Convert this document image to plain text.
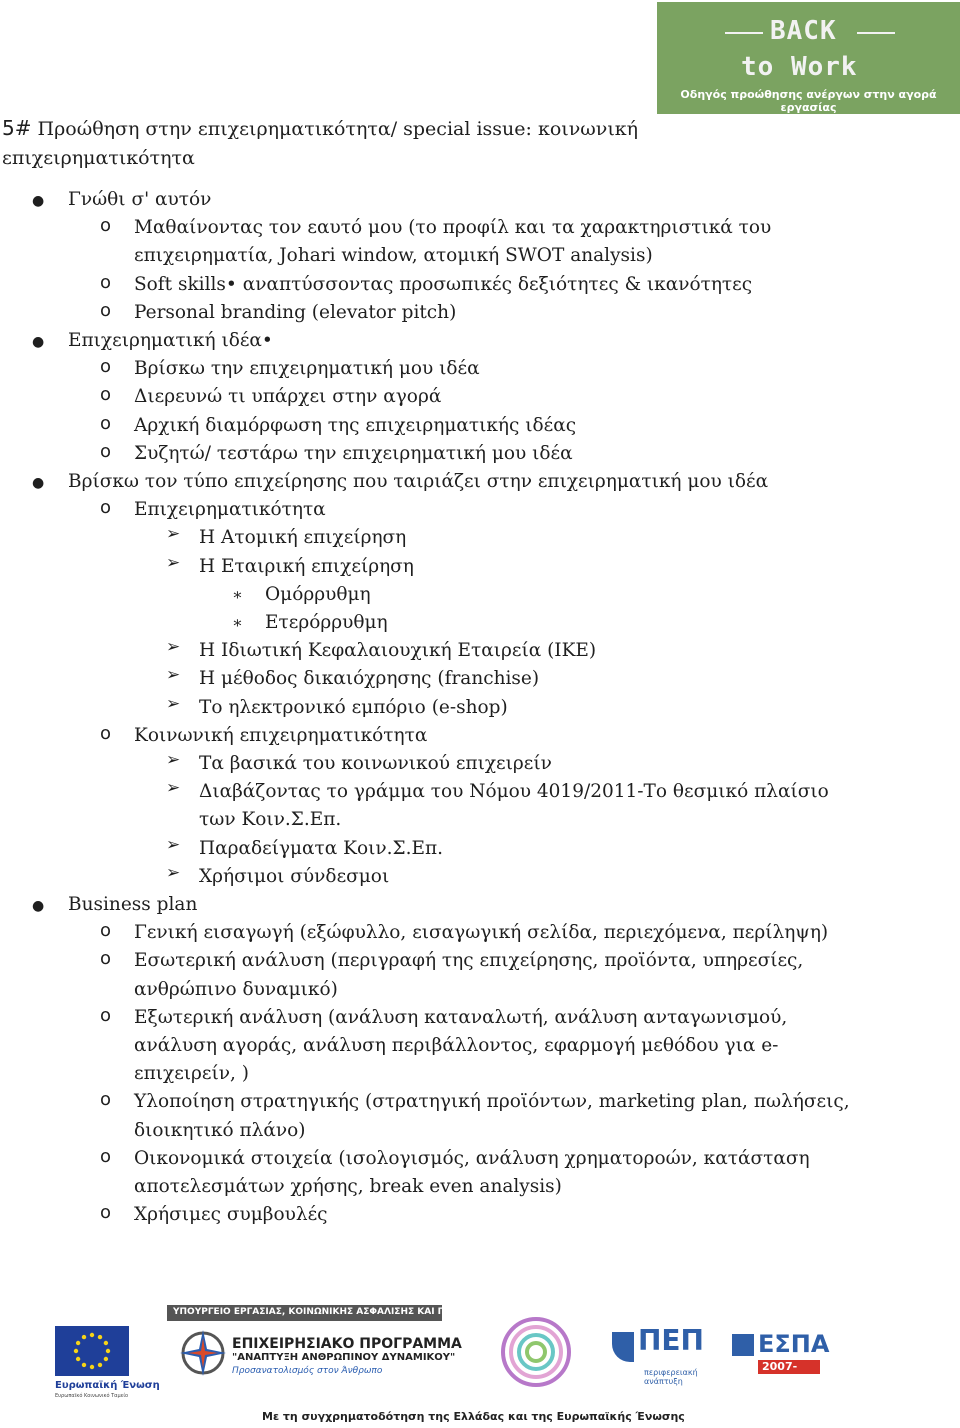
BACK
to Work
Οδηγός προώθησης ανέργων στην αγορά εργασίας
5# Προώθηση στην επιχειρηματικότητα/ special issue: κοινωνική επιχειρηματικότητα
● Γνώθι σ' αυτόν
o Μαθαίνοντας τον εαυτό μου (το προφίλ και τα χαρακτηριστικά του
επιχειρηματία, Johari window, ατομική SWOT analysis)
o Soft skills• αναπτύσσοντας προσωπικές δεξιότητες & ικανότητες
o Personal branding (elevator pitch)
● Επιχειρηματική ιδέα•
o Βρίσκω την επιχειρηματική μου ιδέα
o Διερευνώ τι υπάρχει στην αγορά
o Αρχική διαμόρφωση της επιχειρηματικής ιδέας
o Συζητώ/ τεστάρω την επιχειρηματική μου ιδέα
● Βρίσκω τον τύπο επιχείρησης που ταιριάζει στην επιχειρηματική μου ιδέα
o Επιχειρηματικότητα
➢ Η Ατομική επιχείρηση
➢ Η Εταιρική επιχείρηση
∗ Ομόρρυθμη
∗ Ετερόρρυθμη
➢ Η Ιδιωτική Κεφαλαιουχική Εταιρεία (ΙΚΕ)
➢ Η μέθοδος δικαιόχρησης (franchise)
➢ Το ηλεκτρονικό εμπόριο (e-shop)
o Κοινωνική επιχειρηματικότητα
➢ Τα βασικά του κοινωνικού επιχειρείν
➢ Διαβάζοντας το γράμμα του Νόμου 4019/2011-Το θεσμικό πλαίσιο
των Κοιν.Σ.Επ.
➢ Παραδείγματα Κοιν.Σ.Επ.
➢ Χρήσιμοι σύνδεσμοι
● Business plan
o Γενική εισαγωγή (εξώφυλλο, εισαγωγική σελίδα, περιεχόμενα, περίληψη)
o Εσωτερική ανάλυση (περιγραφή της επιχείρησης, προϊόντα, υπηρεσίες,
ανθρώπινο δυναμικό)
o Εξωτερική ανάλυση (ανάλυση καταναλωτή, ανάλυση ανταγωνισμού,
ανάλυση αγοράς, ανάλυση περιβάλλοντος, εφαρμογή μεθόδου για e-
επιχειρείν, )
o Υλοποίηση στρατηγικής (στρατηγική προϊόντων, marketing plan, πωλήσεις,
διοικητικό πλάνο)
o Οικονομικά στοιχεία (ισολογισμός, ανάλυση χρηματοροών, κατάσταση
αποτελεσμάτων χρήσης, break even analysis)
o Χρήσιμες συμβουλές
ΥΠΟΥΡΓΕΙΟ ΕΡΓΑΣΙΑΣ, ΚΟΙΝΩΝΙΚΗΣ ΑΣΦΑΛΙΣΗΣ ΚΑΙ ΠΡΟΝΟΙΑΣ
Ευρωπαϊκή Ένωση
Ευρωπαϊκό Κοινωνικό Ταμείο
ΕΠΙΧΕΙΡΗΣΙΑΚΟ ΠΡΟΓΡΑΜΜΑ
"ΑΝΑΠΤΥΞΗ ΑΝΘΡΩΠΙΝΟΥ ΔΥΝΑΜΙΚΟΥ"
Προσανατολισμός στον Άνθρωπο
ΠΕΠ
περιφερειακή ανάπτυξη
ΕΣΠΑ
2007-2013
Με τη συγχρηματοδότηση της Ελλάδας και της Ευρωπαϊκής Ένωσης
